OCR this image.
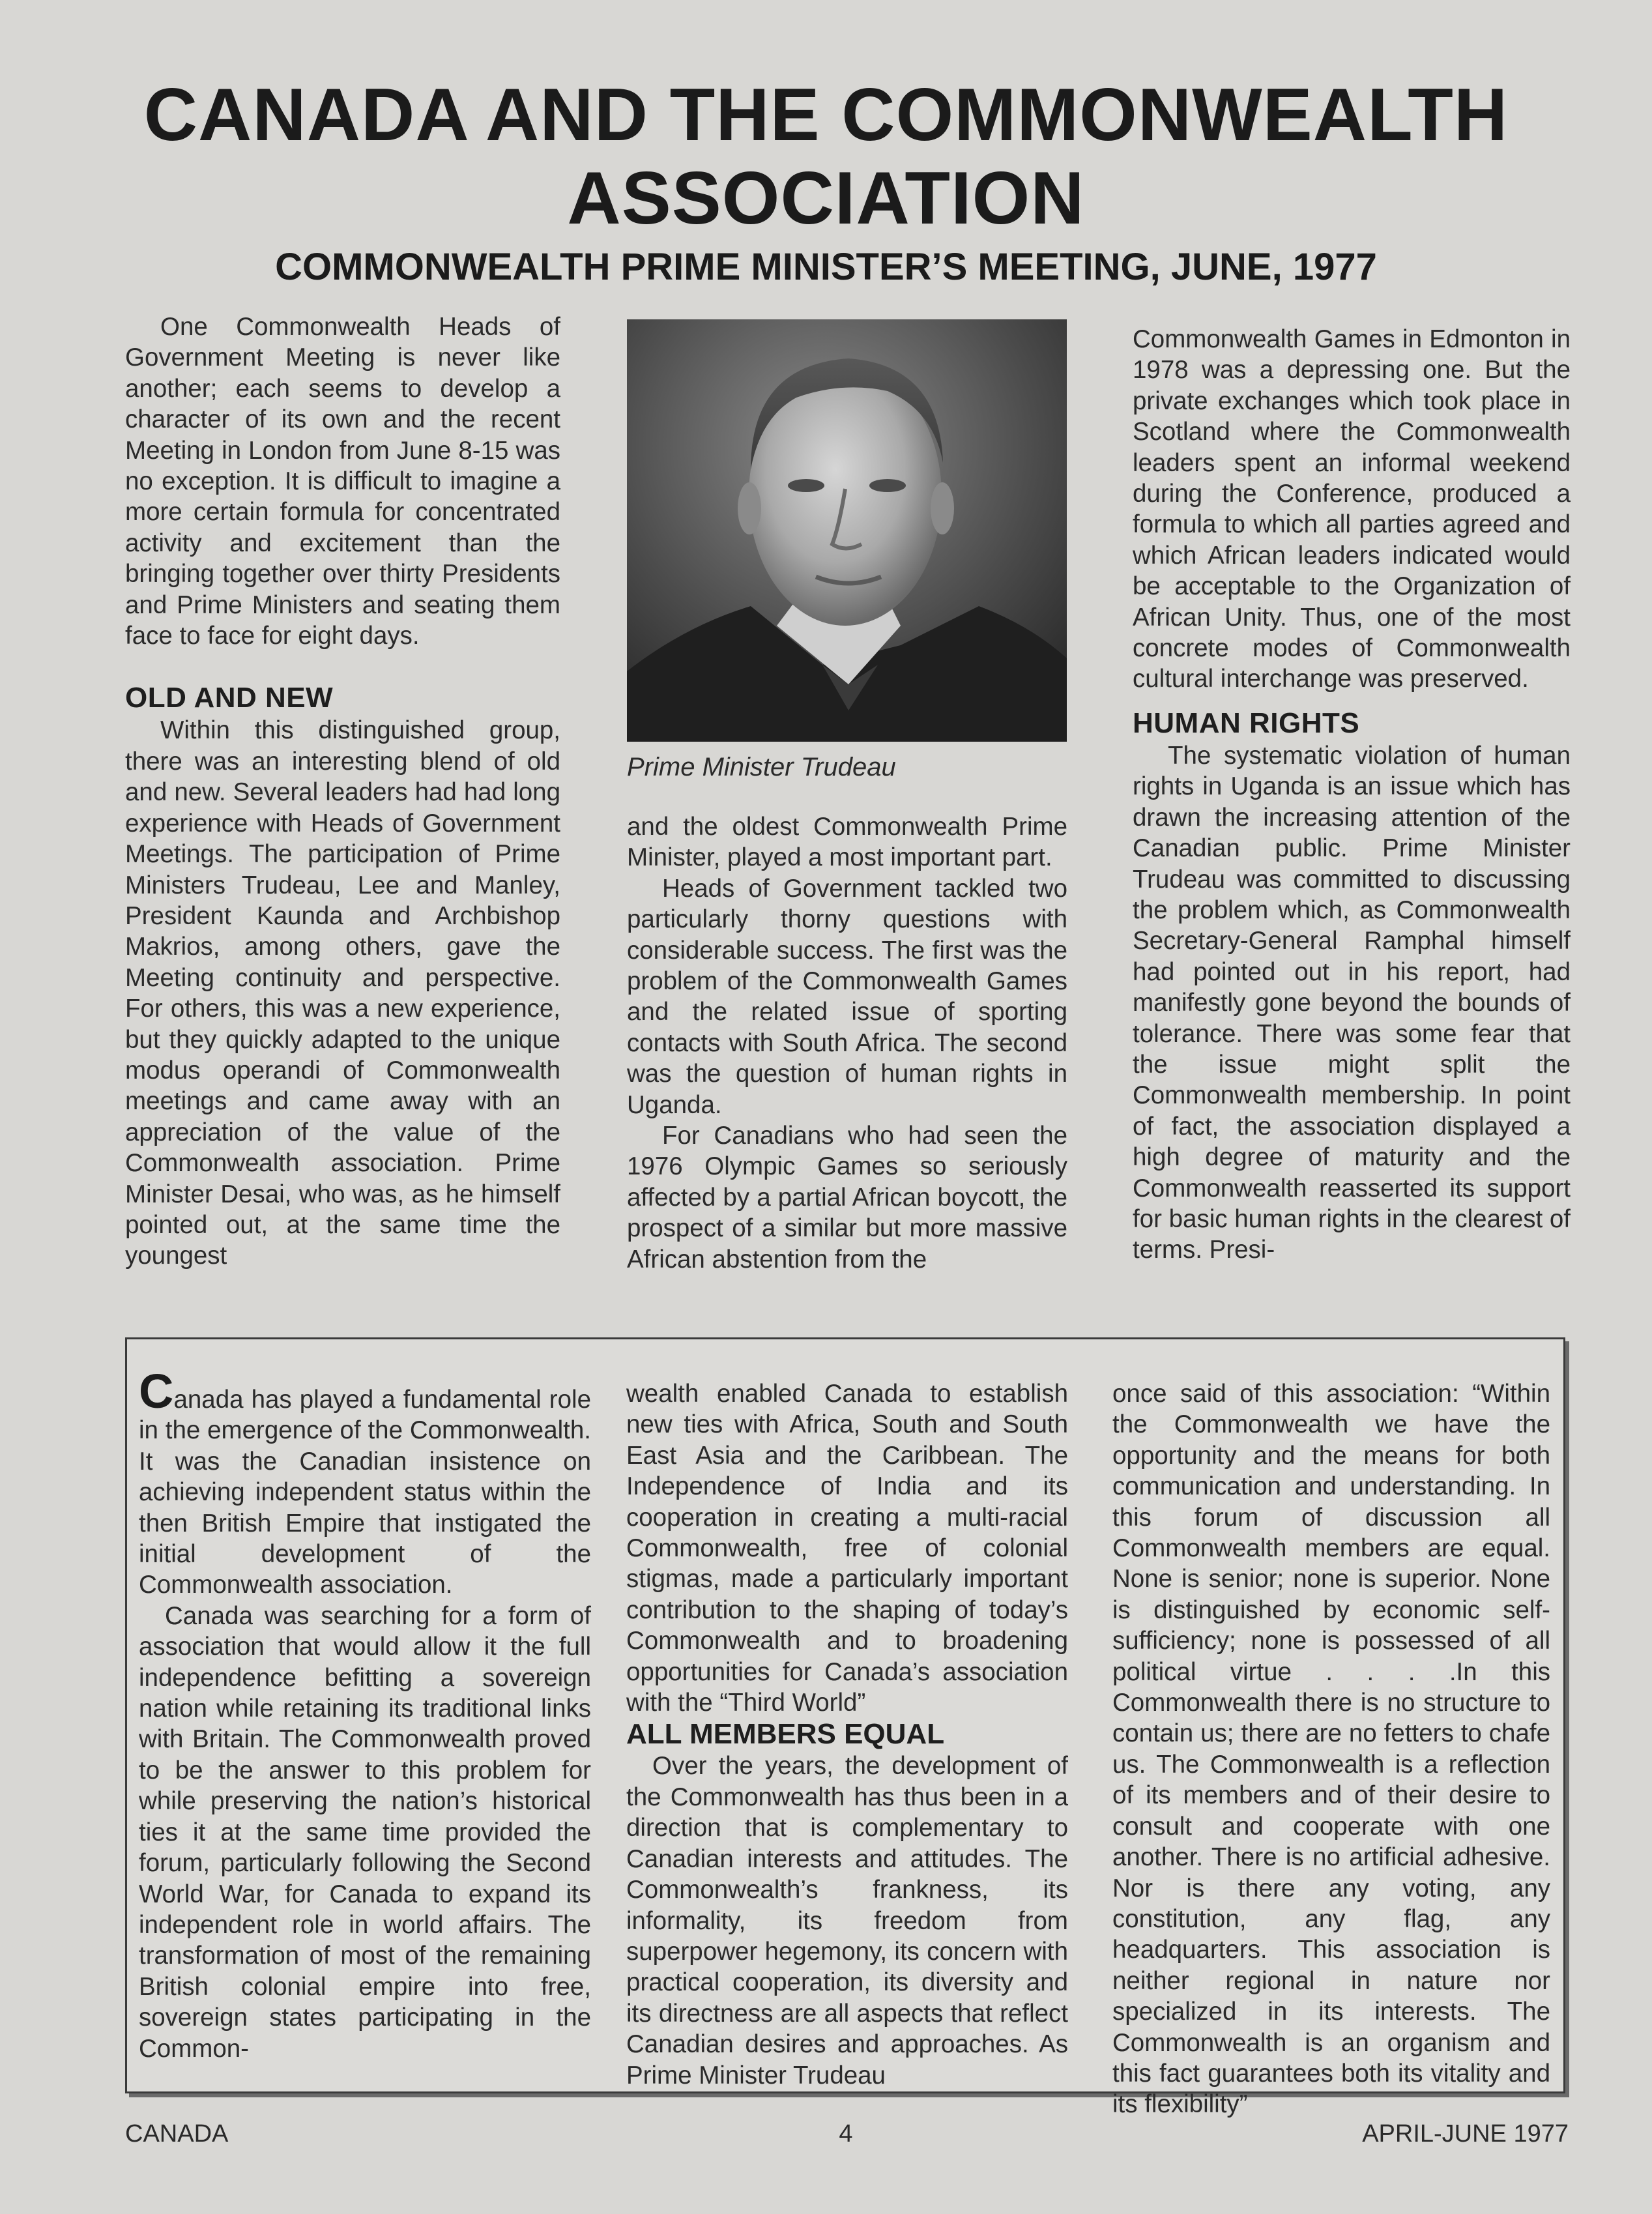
CANADA AND THE COMMONWEALTH
ASSOCIATION
COMMONWEALTH PRIME MINISTER’S MEETING, JUNE, 1977

One Commonwealth Heads of Government Meeting is never like another; each seems to develop a character of its own and the recent Meeting in London from June 8-15 was no exception. It is difficult to imagine a more certain formula for concentrated activity and excitement than the bringing together over thirty Presidents and Prime Ministers and seating them face to face for eight days.

OLD AND NEW

Within this distinguished group, there was an interesting blend of old and new. Several leaders had had long experience with Heads of Government Meetings. The participation of Prime Ministers Trudeau, Lee and Manley, President Kaunda and Archbishop Makrios, among others, gave the Meeting continuity and perspective. For others, this was a new experience, but they quickly adapted to the unique modus operandi of Commonwealth meetings and came away with an appreciation of the value of the Commonwealth association. Prime Minister Desai, who was, as he himself pointed out, at the same time the youngest

Prime Minister Trudeau

and the oldest Commonwealth Prime Minister, played a most important part.

Heads of Government tackled two particularly thorny questions with considerable success. The first was the problem of the Commonwealth Games and the related issue of sporting contacts with South Africa. The second was the question of human rights in Uganda.

For Canadians who had seen the 1976 Olympic Games so seriously affected by a partial African boycott, the prospect of a similar but more massive African abstention from the

Commonwealth Games in Edmonton in 1978 was a depressing one. But the private exchanges which took place in Scotland where the Commonwealth leaders spent an informal weekend during the Conference, produced a formula to which all parties agreed and which African leaders indicated would be acceptable to the Organization of African Unity. Thus, one of the most concrete modes of Commonwealth cultural interchange was preserved.

HUMAN RIGHTS

The systematic violation of human rights in Uganda is an issue which has drawn the increasing attention of the Canadian public. Prime Minister Trudeau was committed to discussing the problem which, as Commonwealth Secretary-General Ramphal himself had pointed out in his report, had manifestly gone beyond the bounds of tolerance. There was some fear that the issue might split the Commonwealth membership. In point of fact, the association displayed a high degree of maturity and the Commonwealth reasserted its support for basic human rights in the clearest of terms. Presi-

Canada has played a fundamental role in the emergence of the Commonwealth. It was the Canadian insistence on achieving independent status within the then British Empire that instigated the initial development of the Commonwealth association.

Canada was searching for a form of association that would allow it the full independence befitting a sovereign nation while retaining its traditional links with Britain. The Commonwealth proved to be the answer to this problem for while preserving the nation’s historical ties it at the same time provided the forum, particularly following the Second World War, for Canada to expand its independent role in world affairs. The transformation of most of the remaining British colonial empire into free, sovereign states participating in the Common-

wealth enabled Canada to establish new ties with Africa, South and South East Asia and the Caribbean. The Independence of India and its cooperation in creating a multi-racial Commonwealth, free of colonial stigmas, made a particularly important contribution to the shaping of today’s Commonwealth and to broadening opportunities for Canada’s association with the “Third World”

ALL MEMBERS EQUAL

Over the years, the development of the Commonwealth has thus been in a direction that is complementary to Canadian interests and attitudes. The Commonwealth’s frankness, its informality, its freedom from superpower hegemony, its concern with practical cooperation, its diversity and its directness are all aspects that reflect Canadian desires and approaches. As Prime Minister Trudeau

once said of this association: “Within the Commonwealth we have the opportunity and the means for both communication and understanding. In this forum of discussion all Commonwealth members are equal. None is senior; none is superior. None is distinguished by economic self-sufficiency; none is possessed of all political virtue . . . .In this Commonwealth there is no structure to contain us; there are no fetters to chafe us. The Commonwealth is a reflection of its members and of their desire to consult and cooperate with one another. There is no artificial adhesive. Nor is there any voting, any constitution, any flag, any headquarters. This association is neither regional in nature nor specialized in its interests. The Commonwealth is an organism and this fact guarantees both its vitality and its flexibility”

CANADA	4	APRIL-JUNE 1977
